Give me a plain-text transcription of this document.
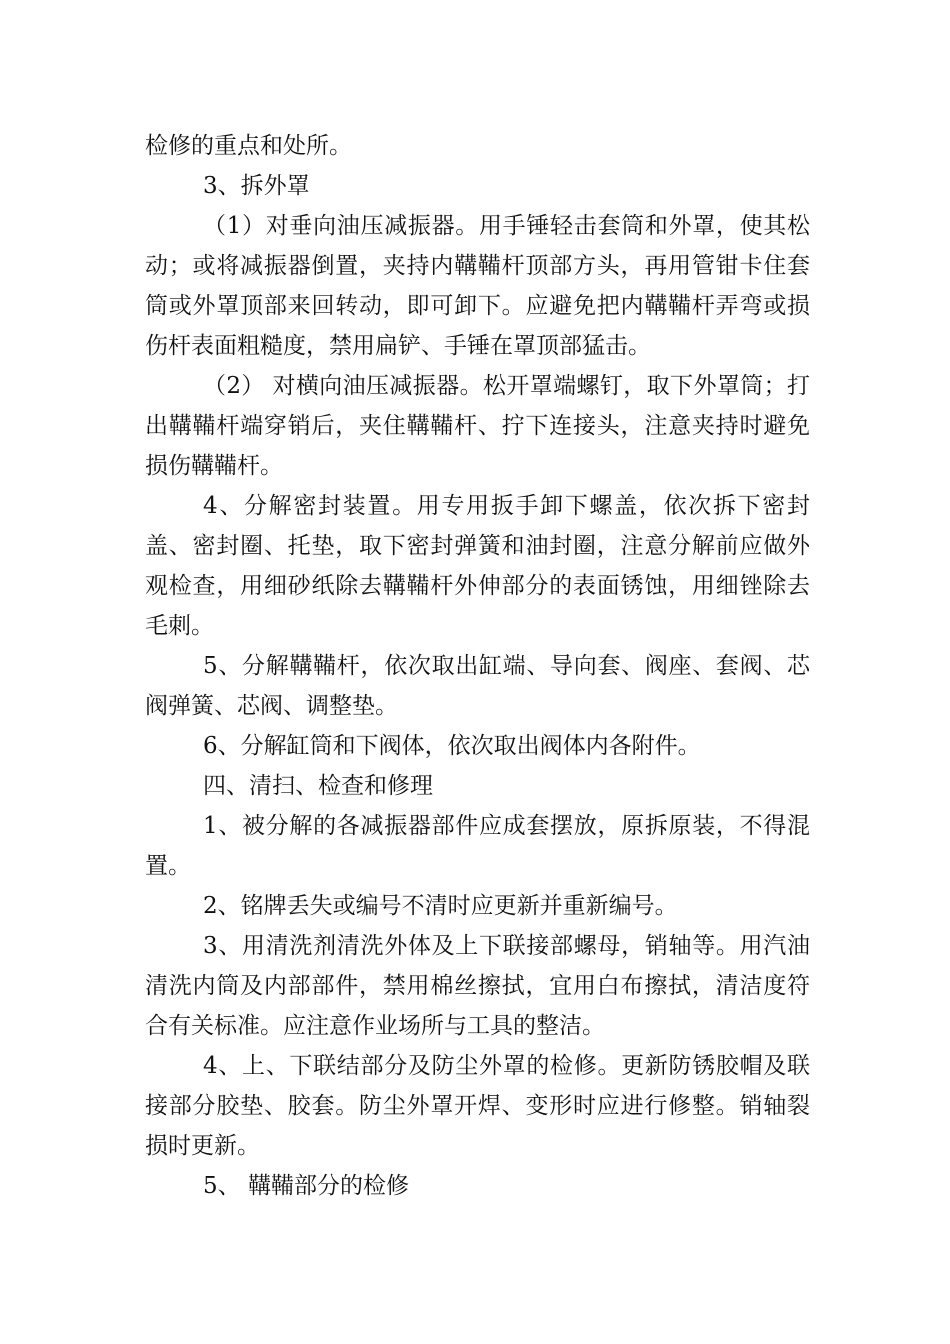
检修的重点和处所。

3、拆外罩

（1）对垂向油压减振器。用手锤轻击套筒和外罩，使其松动；或将减振器倒置，夹持内鞲鞴杆顶部方头，再用管钳卡住套筒或外罩顶部来回转动，即可卸下。应避免把内鞲鞴杆弄弯或损伤杆表面粗糙度，禁用扁铲、手锤在罩顶部猛击。

（2） 对横向油压减振器。松开罩端螺钉，取下外罩筒；打出鞲鞴杆端穿销后，夹住鞲鞴杆、拧下连接头，注意夹持时避免损伤鞲鞴杆。

4、分解密封装置。用专用扳手卸下螺盖，依次拆下密封盖、密封圈、托垫，取下密封弹簧和油封圈，注意分解前应做外观检查，用细砂纸除去鞲鞴杆外伸部分的表面锈蚀，用细锉除去毛刺。

5、分解鞲鞴杆，依次取出缸端、导向套、阀座、套阀、芯阀弹簧、芯阀、调整垫。

6、分解缸筒和下阀体，依次取出阀体内各附件。

四、清扫、检查和修理

1、被分解的各减振器部件应成套摆放，原拆原装，不得混置。

2、铭牌丢失或编号不清时应更新并重新编号。

3、用清洗剂清洗外体及上下联接部螺母，销轴等。用汽油清洗内筒及内部部件，禁用棉丝擦拭，宜用白布擦拭，清洁度符合有关标准。应注意作业场所与工具的整洁。

4、上、下联结部分及防尘外罩的检修。更新防锈胶帽及联接部分胶垫、胶套。防尘外罩开焊、变形时应进行修整。销轴裂损时更新。

5、 鞲鞴部分的检修
